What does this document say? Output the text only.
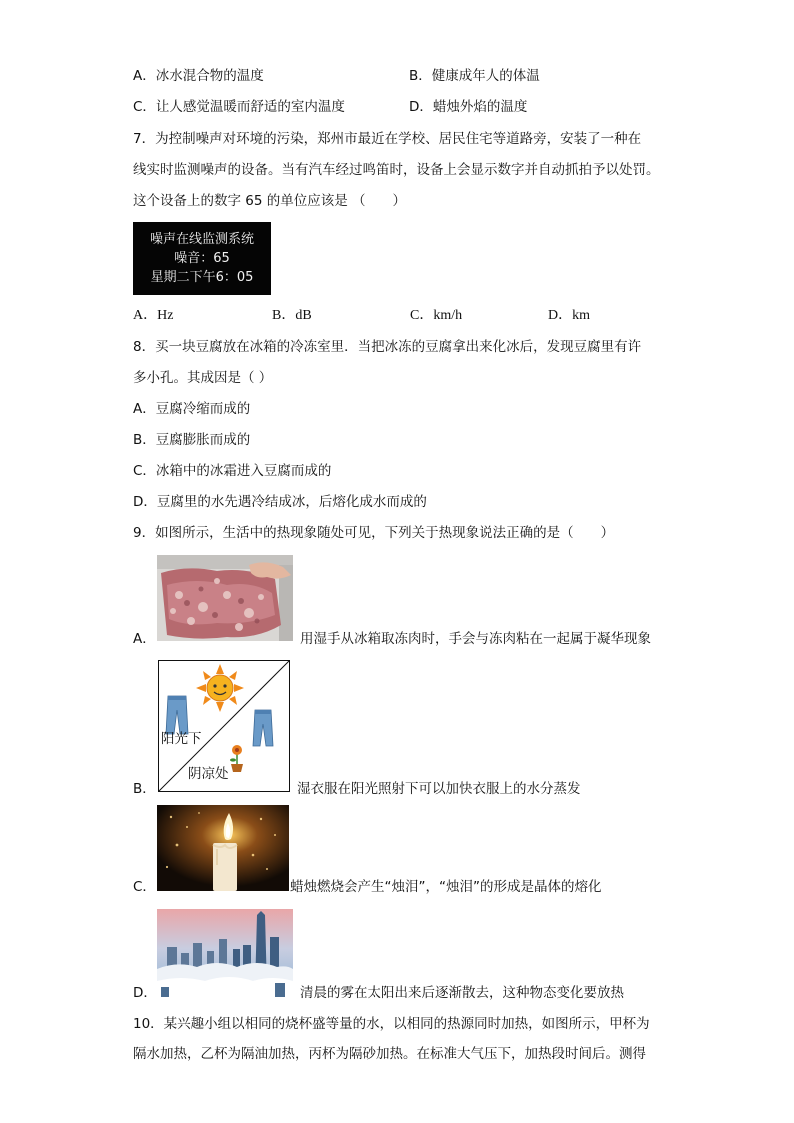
A．冰水混合物的温度	B．健康成年人的体温
C．让人感觉温暖而舒适的室内温度	D．蜡烛外焰的温度
7．为控制噪声对环境的污染，郑州市最近在学校、居民住宅等道路旁，安装了一种在
线实时监测噪声的设备。当有汽车经过鸣笛时，设备上会显示数字并自动抓拍予以处罚。
这个设备上的数字 65 的单位应该是 （　　）
噪声在线监测系统
噪音：65
星期二下午6：05
A．Hz	B．dB	C．km/h	D．km
8．买一块豆腐放在冰箱的冷冻室里．当把冰冻的豆腐拿出来化冰后，发现豆腐里有许
多小孔。其成因是（ ）
A．豆腐冷缩而成的
B．豆腐膨胀而成的
C．冰箱中的冰霜进入豆腐而成的
D．豆腐里的水先遇冷结成冰，后熔化成水而成的
9．如图所示，生活中的热现象随处可见，下列关于热现象说法正确的是（　　）
A．	用湿手从冰箱取冻肉时，手会与冻肉粘在一起属于凝华现象
B．
阳光下
阴凉处
湿衣服在阳光照射下可以加快衣服上的水分蒸发
C．	蜡烛燃烧会产生“烛泪”，“烛泪”的形成是晶体的熔化
D．	清晨的雾在太阳出来后逐渐散去，这种物态变化要放热
10．某兴趣小组以相同的烧杯盛等量的水，以相同的热源同时加热，如图所示，甲杯为
隔水加热，乙杯为隔油加热，丙杯为隔砂加热。在标准大气压下，加热段时间后。测得
